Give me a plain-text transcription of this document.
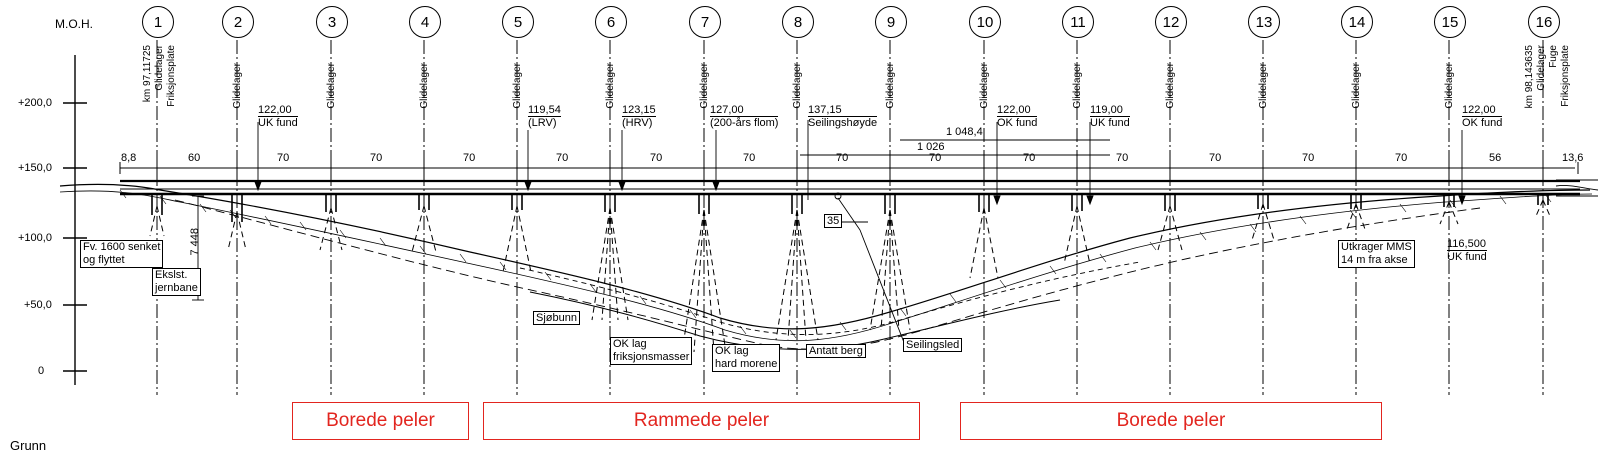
M.O.H.
+200,0
+150,0
+100,0
+50,0
0
1	2	3	4	5	6	7	8	9	10	11	12	13	14	15	16
km 97,11725 Glidelager Friksjonsplate	Glidelager	Glidelager	Glidelager	Glidelager	Glidelager	Glidelager	Glidelager	Glidelager	Glidelager	Glidelager	Glidelager	Glidelager	Glidelager	Glidelager	km 98,143635 Glidelager Fuge Friksjonsplate
122,00
UK fund
119,54
(LRV)
123,15
(HRV)
127,00
(200-års flom)
137,15
Seilingshøyde
122,00
OK fund
119,00
UK fund
122,00
OK fund
116,500
UK fund
1 048,4
1 026
8,8	60	70	70	70	70	70	70	70	70	70	70	70	70	70	56	13,6
Fv. 1600 senket
og flyttet
Ekslst.
jernbane
7 448
Sjøbunn
OK lag
friksjonsmasser OK lag
hard morene
Antatt berg	Seilingsled
35
Utkrager MMS
14 m fra akse
Borede peler	Rammede peler	Borede peler
Grunn
